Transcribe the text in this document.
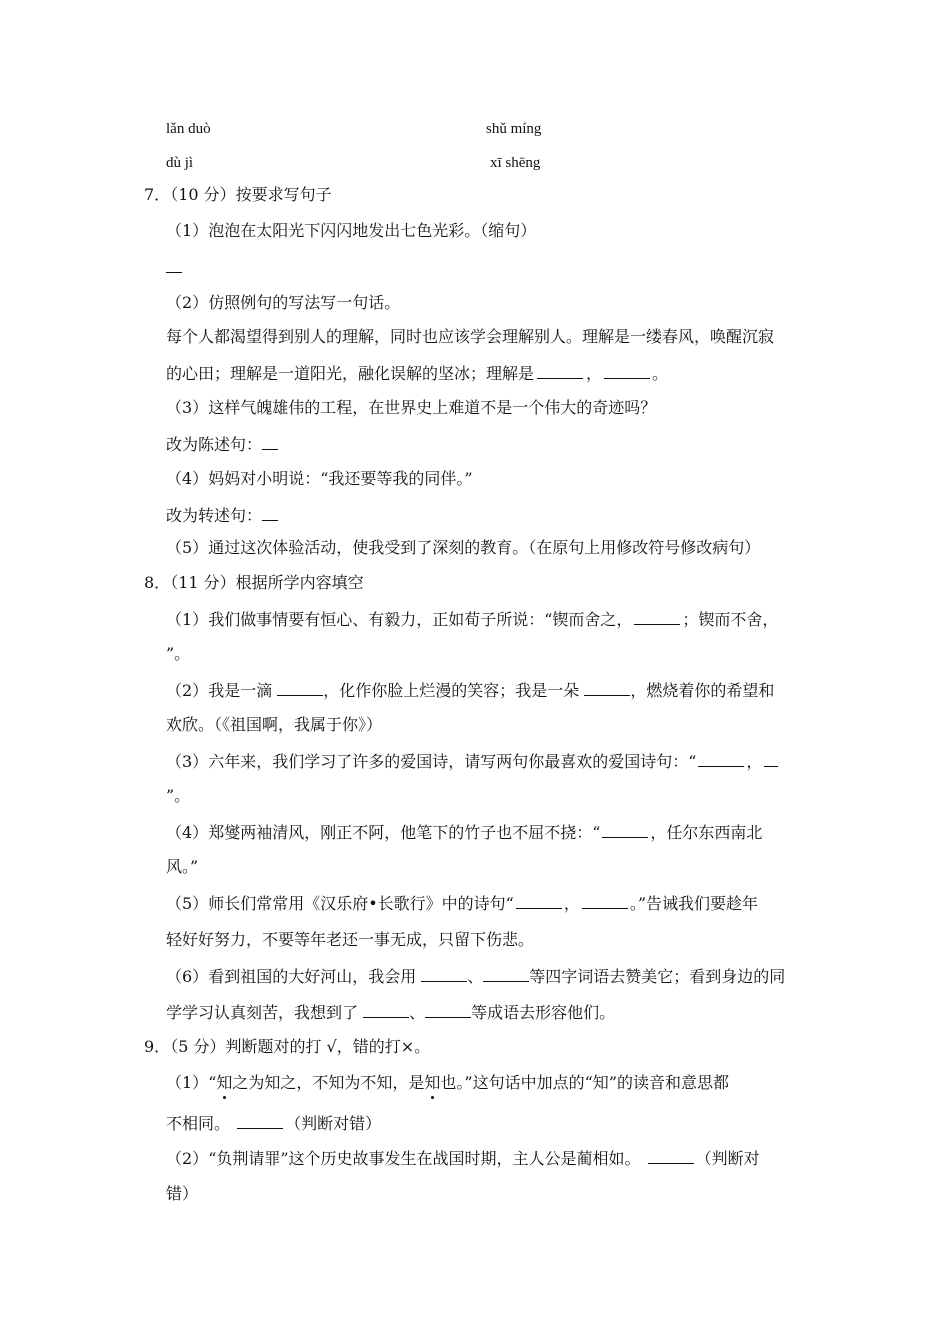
lǎn duò	shǔ míng
dù jì	xī shēng
7．（10 分）按要求写句子
（1）泡泡在太阳光下闪闪地发出七色光彩。（缩句）
（2）仿照例句的写法写一句话。
每个人都渴望得到别人的理解，同时也应该学会理解别人。理解是一缕春风，唤醒沉寂
的心田；理解是一道阳光，融化误解的坚冰；理解是	，	。
（3）这样气魄雄伟的工程，在世界史上难道不是一个伟大的奇迹吗？
改为陈述句：
（4）妈妈对小明说：“我还要等我的同伴。”
改为转述句：
（5）通过这次体验活动，使我受到了深刻的教育。（在原句上用修改符号修改病句）
8．（11 分）根据所学内容填空
（1）我们做事情要有恒心、有毅力，正如荀子所说：“锲而舍之，	；锲而不舍，
”。
（2）我是一滴	，化作你脸上烂漫的笑容；我是一朵	，燃烧着你的希望和
欢欣。（《祖国啊，我属于你》）
（3）六年来，我们学习了许多的爱国诗，请写两句你最喜欢的爱国诗句：“	，
”。
（4）郑燮两袖清风，刚正不阿，他笔下的竹子也不屈不挠：“	，任尔东西南北
风。”
（5）师长们常常用《汉乐府•长歌行》中的诗句“	，	。”告诫我们要趁年
轻好好努力，不要等年老还一事无成，只留下伤悲。
（6）看到祖国的大好河山，我会用	、	等四字词语去赞美它；看到身边的同
学学习认真刻苦，我想到了	、	等成语去形容他们。
9．（5 分）判断题对的打 √，错的打×。
（1）“知之为知之，不知为不知，是知也。”这句话中加点的“知”的读音和意思都
不相同。	（判断对错）
（2）“负荆请罪”这个历史故事发生在战国时期，主人公是蔺相如。	（判断对
错）
